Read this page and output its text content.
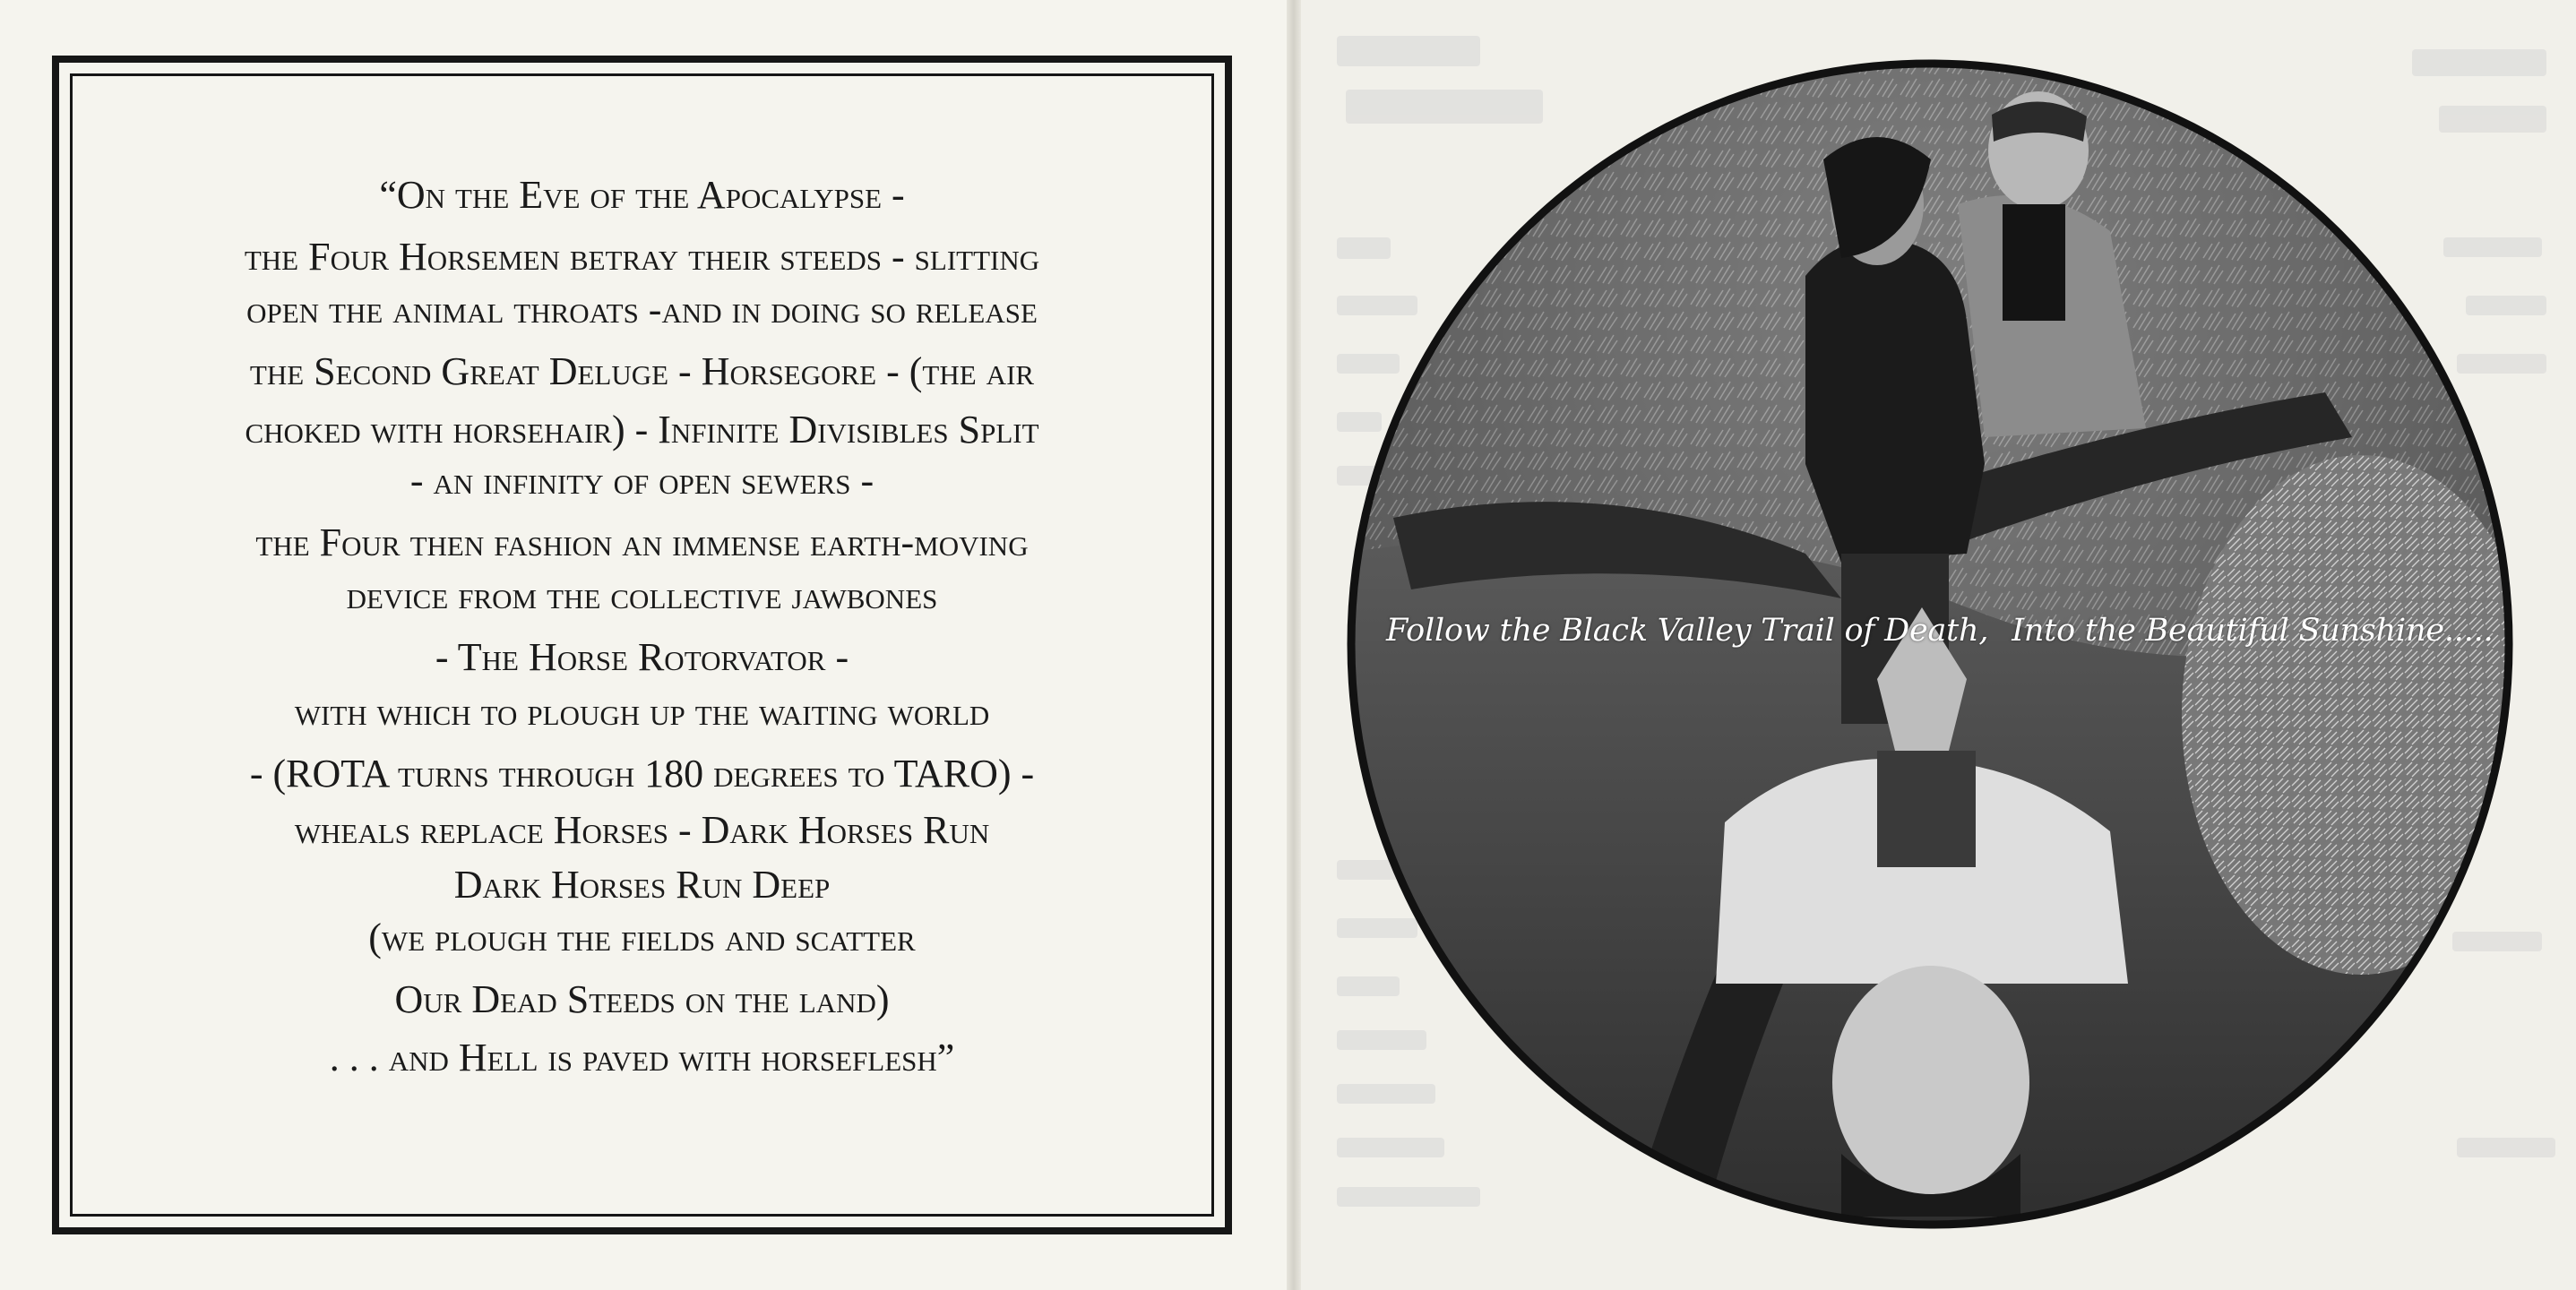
“On the Eve of the Apocalypse -
the Four Horsemen betray their steeds - slitting
open the animal throats -and in doing so release
the Second Great Deluge - Horsegore - (the air
choked with horsehair) - Infinite Divisibles Split
- an infinity of open sewers -
the Four then fashion an immense earth-moving
device from the collective jawbones
- The Horse Rotorvator -
with which to plough up the waiting world
- (ROTA turns through 180 degrees to TARO) -
wheals replace Horses - Dark Horses Run
Dark Horses Run Deep
(we plough the fields and scatter
Our Dead Steeds on the land)
. . . and Hell is paved with horseflesh”
Follow the Black Valley Trail of Death, Into the Beautiful Sunshine.....
